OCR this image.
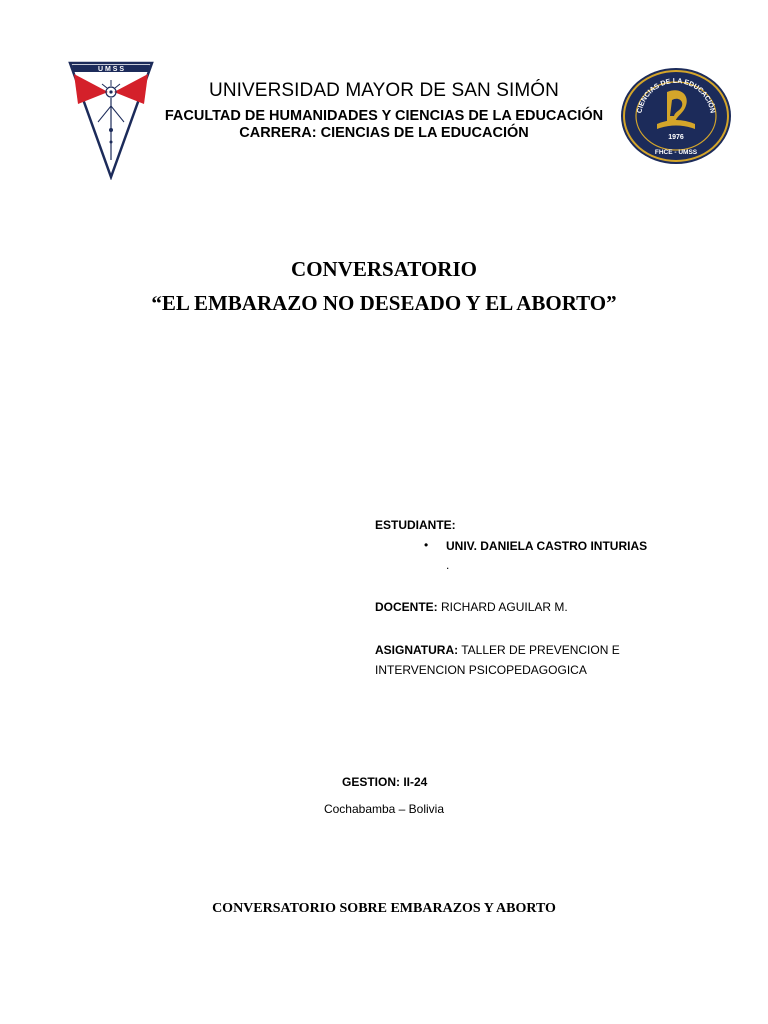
U M S S
CIENCIAS DE LA EDUCACIÓN
1976
FHCE - UMSS
UNIVERSIDAD MAYOR DE SAN SIMÓN
FACULTAD DE HUMANIDADES Y CIENCIAS DE LA EDUCACIÓN
CARRERA: CIENCIAS DE LA EDUCACIÓN
CONVERSATORIO
“EL EMBARAZO NO DESEADO Y EL ABORTO”
ESTUDIANTE:
• UNIV. DANIELA CASTRO INTURIAS
.
DOCENTE: RICHARD AGUILAR M.
ASIGNATURA: TALLER DE PREVENCION E INTERVENCION PSICOPEDAGOGICA
GESTION: II-24
Cochabamba – Bolivia
CONVERSATORIO SOBRE EMBARAZOS Y ABORTO
